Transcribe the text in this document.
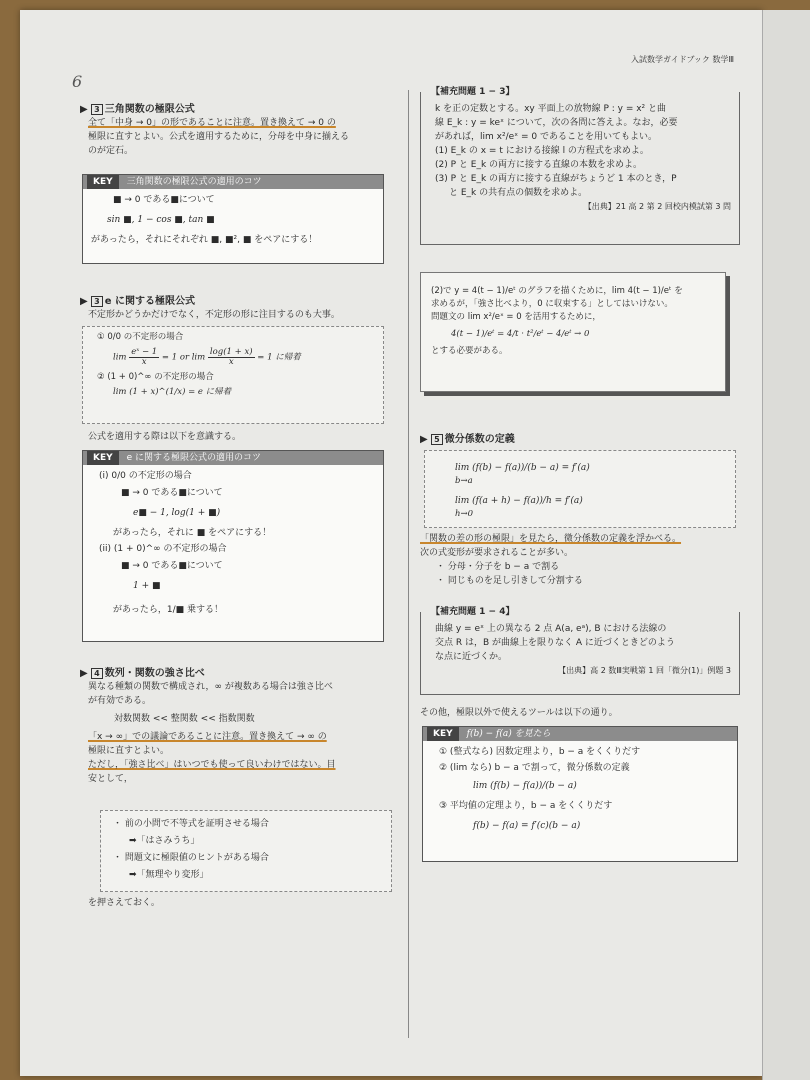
6
入試数学ガイドブック 数学Ⅲ
▶ 3 三角関数の極限公式
全て「中身 → 0」の形であることに注意。置き換えて → 0 の
極限に直すとよい。公式を適用するために，分母を中身に揃える
のが定石。
KEY 三角関数の極限公式の適用のコツ
■ → 0 である■について
sin ■, 1 − cos ■, tan ■
があったら，それにそれぞれ ■, ■², ■ をペアにする！
▶ 3 e に関する極限公式
不定形かどうかだけでなく，不定形の形に注目するのも大事。
① 0/0 の不定形の場合
$\lim \frac{\text{eˣ − 1}}{x} = 1$ or $\lim \frac{\log(1 + x)}{x} = 1$ に帰着
② (1 + 0)^∞ の不定形の場合
lim (1 + x)^(1/x) = e に帰着
公式を適用する際は以下を意識する。
KEY e に関する極限公式の適用のコツ
(i) 0/0 の不定形の場合
■ → 0 である■について
e■ − 1, log(1 + ■)
があったら，それに ■ をペアにする！
(ii) (1 + 0)^∞ の不定形の場合
■ → 0 である■について
1 + ■
があったら，1/■ 乗する！
▶ 4 数列・関数の強さ比べ
異なる種類の関数で構成され，∞ が複数ある場合は強さ比べ
が有効である。
対数関数 << 整関数 << 指数関数
「x → ∞」での議論であることに注意。置き換えて → ∞ の
極限に直すとよい。
ただし，「強さ比べ」はいつでも使って良いわけではない。目
安として，
・ 前の小問で不等式を証明させる場合
➡「はさみうち」
・ 問題文に極限値のヒントがある場合
➡「無理やり変形」
を押さえておく。
【補充問題 1 − 3】
k を正の定数とする。xy 平面上の放物線 P : y = x² と曲
線 E_k : y = keˣ について，次の各問に答えよ。なお，必要
があれば，lim x²/eˣ = 0 であることを用いてもよい。
(1) E_k の x = t における接線 l の方程式を求めよ。
(2) P と E_k の両方に接する直線の本数を求めよ。
(3) P と E_k の両方に接する直線がちょうど 1 本のとき，P
と E_k の共有点の個数を求めよ。
【出典】21 高 2 第 2 回校内模試第 3 問
(2)で y = 4(t − 1)/eᵗ のグラフを描くために，lim 4(t − 1)/eᵗ を
求めるが，「強さ比べより，0 に収束する」としてはいけない。
問題文の lim x²/eˣ = 0 を活用するために，
4(t − 1)/eᵗ = 4/t · t²/eᵗ − 4/eᵗ → 0
とする必要がある。
▶ 5 微分係数の定義
lim (f(b) − f(a))/(b − a) = f′(a)
b→a
lim (f(a + h) − f(a))/h = f′(a)
h→0
「関数の差の形の極限」を見たら，微分係数の定義を浮かべる。
次の式変形が要求されることが多い。
・ 分母・分子を b − a で割る
・ 同じものを足し引きして分割する
【補充問題 1 − 4】
曲線 y = eˣ 上の異なる 2 点 A(a, eᵃ), B における法線の
交点 R は，B が曲線上を限りなく A に近づくときどのよう
な点に近づくか。
【出典】高 2 数Ⅲ実戦第 1 回「微分(1)」例題 3
その他，極限以外で使えるツールは以下の通り。
KEY f(b) − f(a) を見たら
① (整式なら) 因数定理より，b − a をくくりだす
② (lim なら) b − a で割って，微分係数の定義
lim (f(b) − f(a))/(b − a)
③ 平均値の定理より，b − a をくくりだす
f(b) − f(a) = f′(c)(b − a)
